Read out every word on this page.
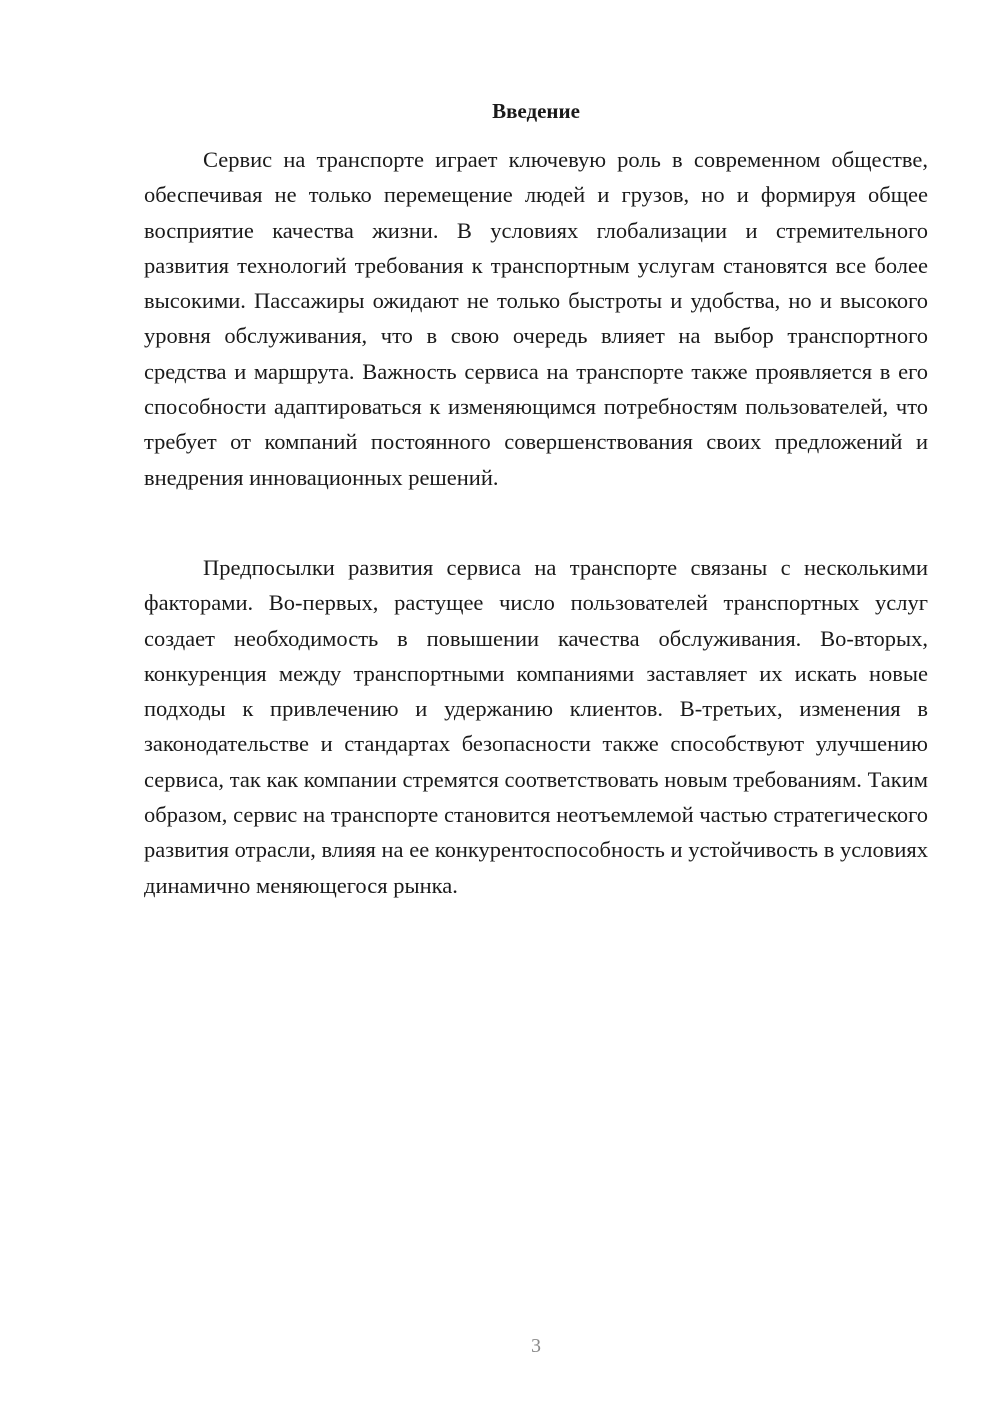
Введение

Сервис на транспорте играет ключевую роль в современном обществе, обеспечивая не только перемещение людей и грузов, но и формируя общее восприятие качества жизни. В условиях глобализации и стремительного развития технологий требования к транспортным услугам становятся все более высокими. Пассажиры ожидают не только быстроты и удобства, но и высокого уровня обслуживания, что в свою очередь влияет на выбор транспортного средства и маршрута. Важность сервиса на транспорте также проявляется в его способности адаптироваться к изменяющимся потребностям пользователей, что требует от компаний постоянного совершенствования своих предложений и внедрения инновационных решений.

Предпосылки развития сервиса на транспорте связаны с несколькими факторами. Во-первых, растущее число пользователей транспортных услуг создает необходимость в повышении качества обслуживания. Во-вторых, конкуренция между транспортными компаниями заставляет их искать новые подходы к привлечению и удержанию клиентов. В-третьих, изменения в законодательстве и стандартах безопасности также способствуют улучшению сервиса, так как компании стремятся соответствовать новым требованиям. Таким образом, сервис на транспорте становится неотъемлемой частью стратегического развития отрасли, влияя на ее конкурентоспособность и устойчивость в условиях динамично меняющегося рынка.

3
